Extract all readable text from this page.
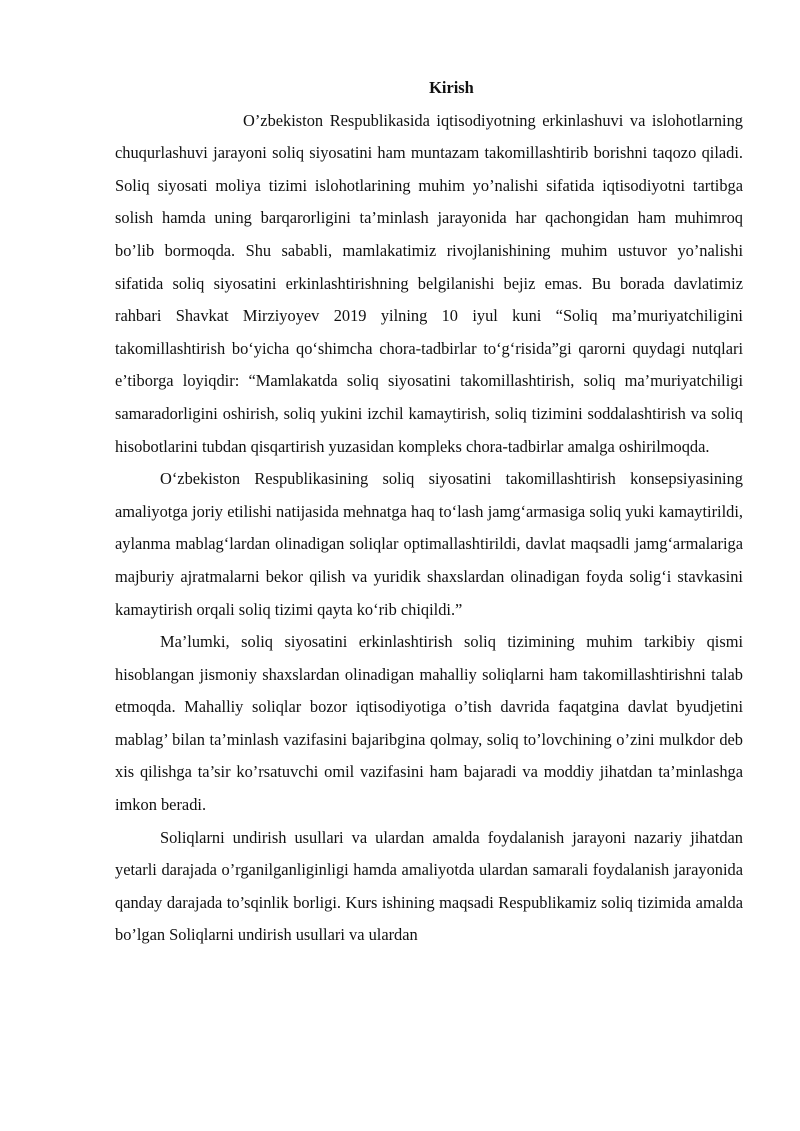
Kirish

O’zbekiston Respublikasida iqtisodiyotning erkinlashuvi va islohotlarning chuqurlashuvi jarayoni soliq siyosatini ham muntazam takomillashtirib borishni taqozo qiladi. Soliq siyosati moliya tizimi islohotlarining muhim yo’nalishi sifatida iqtisodiyotni tartibga solish hamda uning barqarorligini ta’minlash jarayonida har qachongidan ham muhimroq bo’lib bormoqda. Shu sababli, mamlakatimiz rivojlanishining muhim ustuvor yo’nalishi sifatida soliq siyosatini erkinlashtirishning belgilanishi bejiz emas. Bu borada davlatimiz rahbari Shavkat Mirziyoyev 2019 yilning 10 iyul kuni “Soliq ma’muriyatchiligini takomillashtirish bo‘yicha qo‘shimcha chora-tadbirlar to‘g‘risida”gi qarorni quydagi nutqlari e’tiborga loyiqdir: “Mamlakatda soliq siyosatini takomillashtirish, soliq ma’muriyatchiligi samaradorligini oshirish, soliq yukini izchil kamaytirish, soliq tizimini soddalashtirish va soliq hisobotlarini tubdan qisqartirish yuzasidan kompleks chora-tadbirlar amalga oshirilmoqda.

O‘zbekiston Respublikasining soliq siyosatini takomillashtirish konsepsiyasining amaliyotga joriy etilishi natijasida mehnatga haq to‘lash jamg‘armasiga soliq yuki kamaytirildi, aylanma mablag‘lardan olinadigan soliqlar optimallashtirildi, davlat maqsadli jamg‘armalariga majburiy ajratmalarni bekor qilish va yuridik shaxslardan olinadigan foyda solig‘i stavkasini kamaytirish orqali soliq tizimi qayta ko‘rib chiqildi.”

Ma’lumki, soliq siyosatini erkinlashtirish soliq tizimining muhim tarkibiy qismi hisoblangan jismoniy shaxslardan olinadigan mahalliy soliqlarni ham takomillashtirishni talab etmoqda. Mahalliy soliqlar bozor iqtisodiyotiga o’tish davrida faqatgina davlat byudjetini mablag’ bilan ta’minlash vazifasini bajaribgina qolmay, soliq to’lovchining o’zini mulkdor deb xis qilishga ta’sir ko’rsatuvchi omil vazifasini ham bajaradi va moddiy jihatdan ta’minlashga imkon beradi.

Soliqlarni undirish usullari va ulardan amalda foydalanish jarayoni nazariy jihatdan yetarli darajada o’rganilganliginligi hamda amaliyotda ulardan samarali foydalanish jarayonida qanday darajada to’sqinlik borligi. Kurs ishining maqsadi Respublikamiz soliq tizimida amalda bo’lgan Soliqlarni undirish usullari va ulardan
